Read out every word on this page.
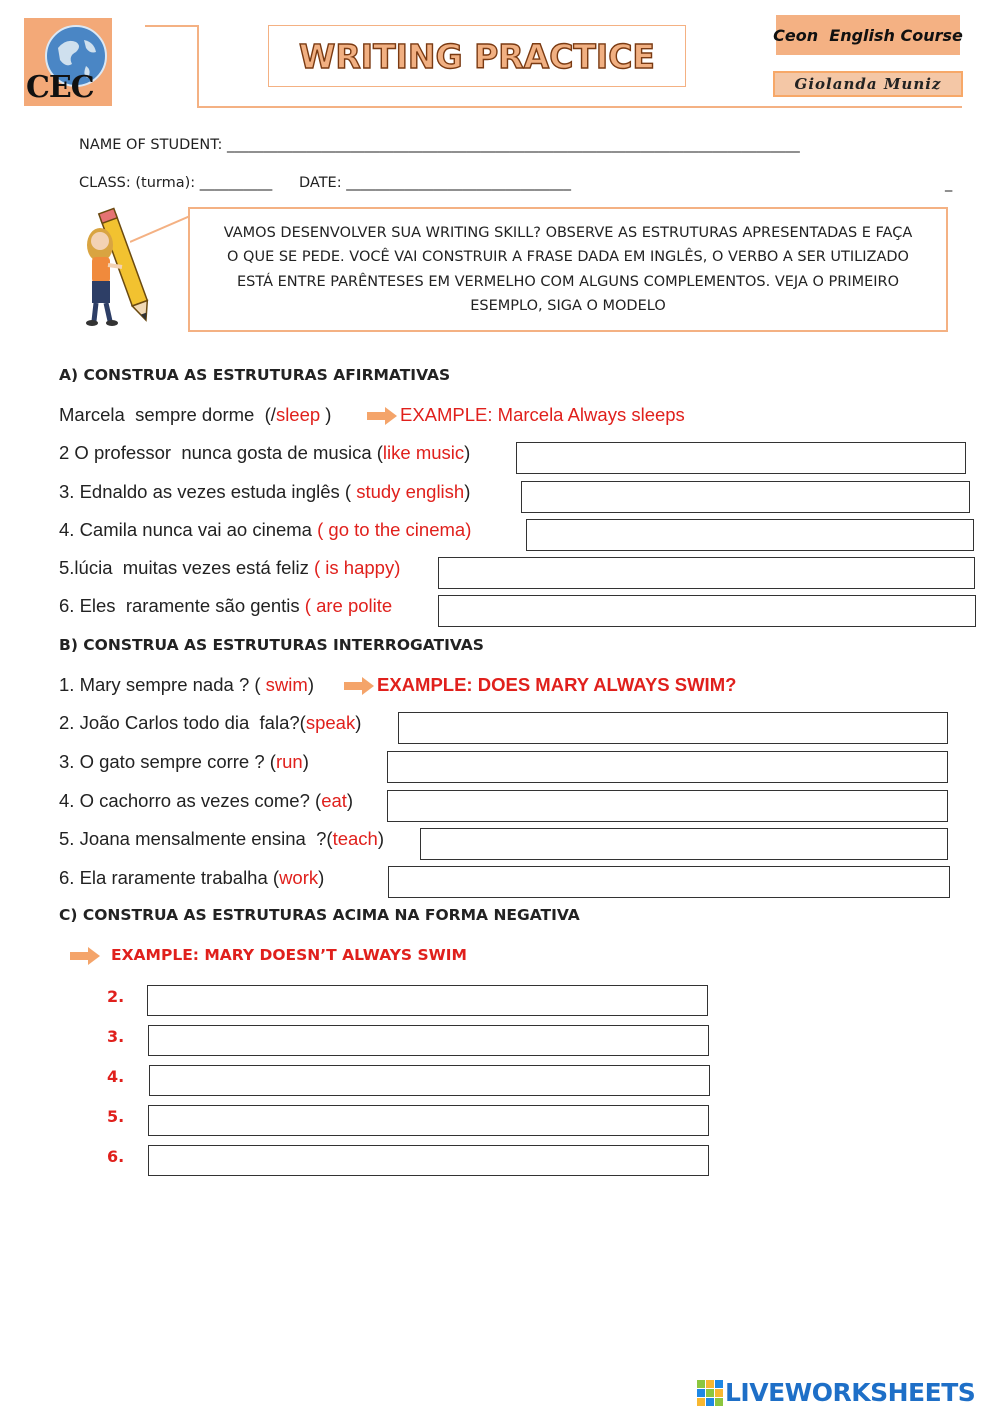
CEC
WRITING PRACTICE
Ceon  English Course
Giolanda Muniz
NAME OF STUDENT: _______________________________________________________________________________
CLASS: (turma): __________ DATE: _______________________________	_
VAMOS DESENVOLVER SUA WRITING SKILL? OBSERVE AS ESTRUTURAS APRESENTADAS E FAÇA O QUE SE PEDE. VOCÊ VAI CONSTRUIR A FRASE DADA EM INGLÊS, O VERBO A SER UTILIZADO ESTÁ ENTRE PARÊNTESES EM VERMELHO COM ALGUNS COMPLEMENTOS. VEJA O PRIMEIRO ESEMPLO, SIGA O MODELO
A) CONSTRUA AS ESTRUTURAS AFIRMATIVAS
Marcela  sempre dorme  (/sleep )	EXAMPLE: Marcela Always sleeps
2 O professor  nunca gosta de musica (like music)
3. Ednaldo as vezes estuda inglês ( study english)
4. Camila nunca vai ao cinema ( go to the cinema)
5.lúcia  muitas vezes está feliz ( is happy)
6. Eles  raramente são gentis ( are polite
B) CONSTRUA AS ESTRUTURAS INTERROGATIVAS
1. Mary sempre nada ? ( swim)	EXAMPLE: DOES MARY ALWAYS SWIM?
2. João Carlos todo dia  fala?(speak)
3. O gato sempre corre ? (run)
4. O cachorro as vezes come? (eat)
5. Joana mensalmente ensina  ?(teach)
6. Ela raramente trabalha (work)
C) CONSTRUA AS ESTRUTURAS ACIMA NA FORMA NEGATIVA
EXAMPLE: MARY DOESN’T ALWAYS SWIM
2.
3.
4.
5.
6.
LIVEWORKSHEETS
